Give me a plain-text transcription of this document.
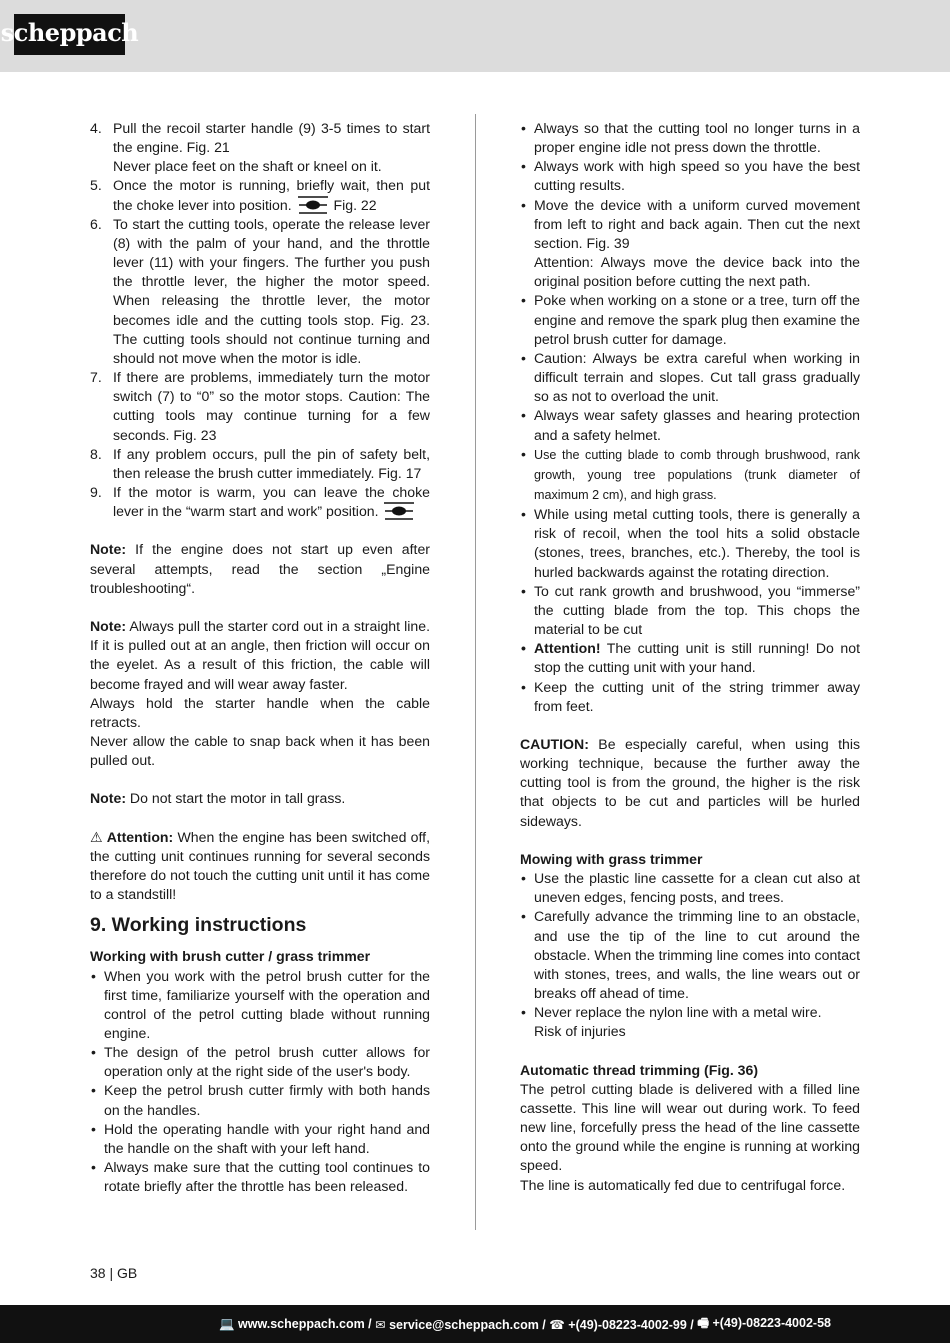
scheppach
4. Pull the recoil starter handle (9) 3-5 times to start the engine. Fig. 21
Never place feet on the shaft or kneel on it.
5. Once the motor is running, briefly wait, then put the choke lever into position.	Fig. 22
6. To start the cutting tools, operate the release lever (8) with the palm of your hand, and the throttle lever (11) with your fingers. The further you push the throttle lever, the higher the motor speed. When releasing the throttle lever, the motor becomes idle and the cutting tools stop. Fig. 23. The cutting tools should not continue turning and should not move when the motor is idle.
7. If there are problems, immediately turn the motor switch (7) to “0” so the motor stops. Caution: The cutting tools may continue turning for a few seconds. Fig. 23
8. If any problem occurs, pull the pin of safety belt, then release the brush cutter immediately. Fig. 17
9. If the motor is warm, you can leave the choke lever in the “warm start and work” position.
Note: If the engine does not start up even after several attempts, read the section „Engine troubleshooting“.
Note: Always pull the starter cord out in a straight line. If it is pulled out at an angle, then friction will occur on the eyelet. As a result of this friction, the cable will become frayed and will wear away faster.
Always hold the starter handle when the cable retracts.
Never allow the cable to snap back when it has been pulled out.
Note: Do not start the motor in tall grass.
⚠ Attention: When the engine has been switched off, the cutting unit continues running for several seconds therefore do not touch the cutting unit until it has come to a standstill!
9. Working instructions
Working with brush cutter / grass trimmer
• When you work with the petrol brush cutter for the first time, familiarize yourself with the operation and control of the petrol cutting blade without running engine.
• The design of the petrol brush cutter allows for operation only at the right side of the user's body.
• Keep the petrol brush cutter firmly with both hands on the handles.
• Hold the operating handle with your right hand and the handle on the shaft with your left hand.
• Always make sure that the cutting tool continues to rotate briefly after the throttle has been released.
• Always so that the cutting tool no longer turns in a proper engine idle not press down the throttle.
• Always work with high speed so you have the best cutting results.
• Move the device with a uniform curved movement from left to right and back again. Then cut the next section. Fig. 39
Attention: Always move the device back into the original position before cutting the next path.
• Poke when working on a stone or a tree, turn off the engine and remove the spark plug then examine the petrol brush cutter for damage.
• Caution: Always be extra careful when working in difficult terrain and slopes. Cut tall grass gradually so as not to overload the unit.
• Always wear safety glasses and hearing protection and a safety helmet.
• Use the cutting blade to comb through brushwood, rank growth, young tree populations (trunk diameter of maximum 2 cm), and high grass.
• While using metal cutting tools, there is generally a risk of recoil, when the tool hits a solid obstacle (stones, trees, branches, etc.). Thereby, the tool is hurled backwards against the rotating direction.
• To cut rank growth and brushwood, you “immerse” the cutting blade from the top. This chops the material to be cut
• Attention! The cutting unit is still running! Do not stop the cutting unit with your hand.
• Keep the cutting unit of the string trimmer away from feet.
CAUTION: Be especially careful, when using this working technique, because the further away the cutting tool is from the ground, the higher is the risk that objects to be cut and particles will be hurled sideways.
Mowing with grass trimmer
• Use the plastic line cassette for a clean cut also at uneven edges, fencing posts, and trees.
• Carefully advance the trimming line to an obstacle, and use the tip of the line to cut around the obstacle. When the trimming line comes into contact with stones, trees, and walls, the line wears out or breaks off ahead of time.
• Never replace the nylon line with a metal wire.
Risk of injuries
Automatic thread trimming (Fig. 36)
The petrol cutting blade is delivered with a filled line cassette. This line will wear out during work. To feed new line, forcefully press the head of the line cassette onto the ground while the engine is running at working speed.
The line is automatically fed due to centrifugal force.
38 | GB
💻 www.scheppach.com / ✉ service@scheppach.com / ☎ +(49)-08223-4002-99 / 🖷 +(49)-08223-4002-58
